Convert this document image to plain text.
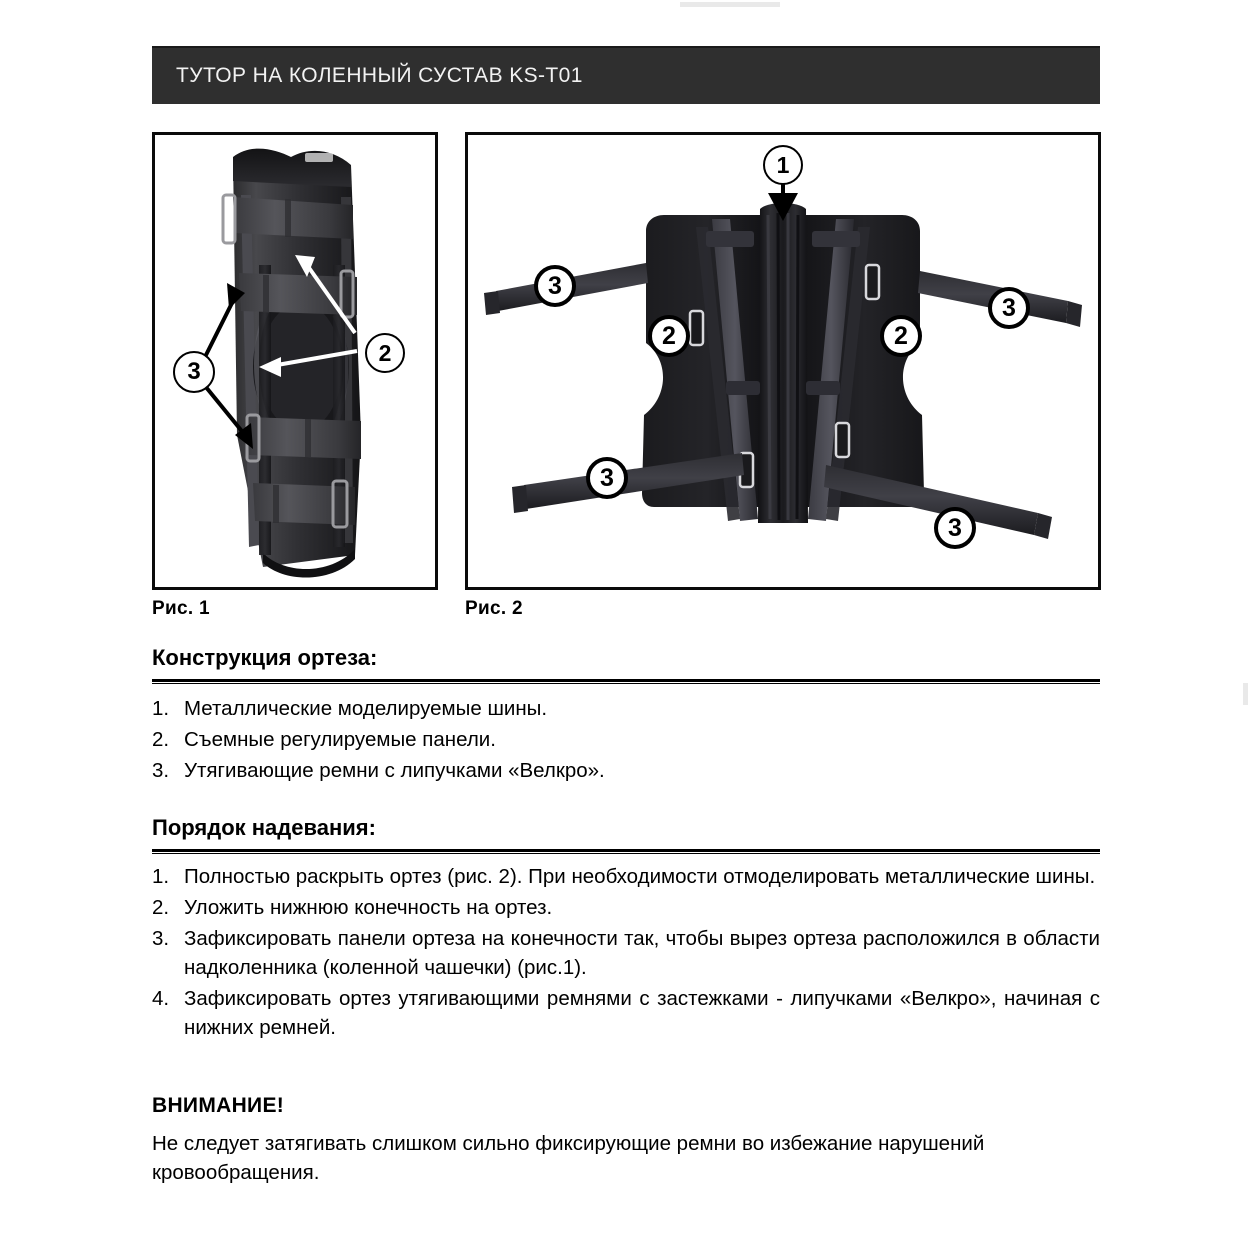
ТУТОР НА КОЛЕННЫЙ СУСТАВ KS-T01
3
2
Рис. 1
1
3
2	2
3
3
3
Рис. 2
Конструкция ортеза:
1. Металлические моделируемые шины.
2. Съемные регулируемые панели.
3. Утягивающие ремни с липучками «Велкро».
Порядок надевания:
1. Полностью раскрыть ортез (рис. 2). При необходимости отмоделировать металлические шины.
2. Уложить нижнюю конечность на ортез.
3. Зафиксировать панели ортеза на конечности так, чтобы вырез ортеза расположился в области надколенника (коленной чашечки) (рис.1).
4. Зафиксировать ортез утягивающими ремнями с застежками - липучками «Велкро», начиная с нижних ремней.
ВНИМАНИЕ!
Не следует затягивать слишком сильно фиксирующие ремни во избежание нарушений кровообращения.
